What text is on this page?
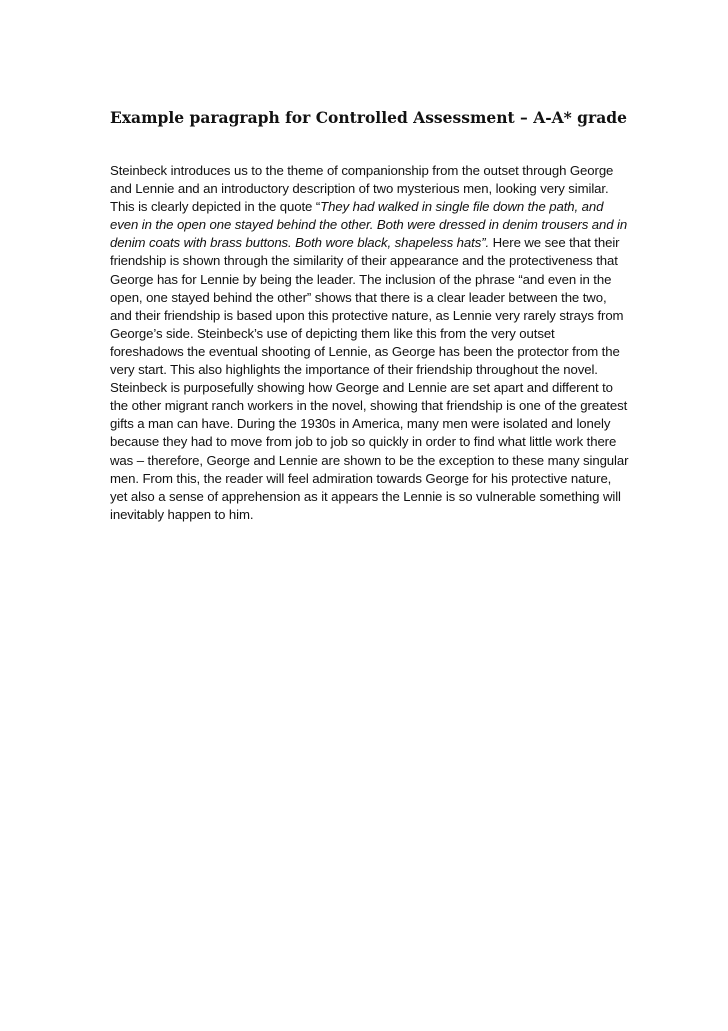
Example paragraph for Controlled Assessment – A-A* grade

Steinbeck introduces us to the theme of companionship from the outset through George and Lennie and an introductory description of two mysterious men, looking very similar. This is clearly depicted in the quote “They had walked in single file down the path, and even in the open one stayed behind the other. Both were dressed in denim trousers and in denim coats with brass buttons. Both wore black, shapeless hats”. Here we see that their friendship is shown through the similarity of their appearance and the protectiveness that George has for Lennie by being the leader. The inclusion of the phrase “and even in the open, one stayed behind the other” shows that there is a clear leader between the two, and their friendship is based upon this protective nature, as Lennie very rarely strays from George’s side. Steinbeck’s use of depicting them like this from the very outset foreshadows the eventual shooting of Lennie, as George has been the protector from the very start. This also highlights the importance of their friendship throughout the novel. Steinbeck is purposefully showing how George and Lennie are set apart and different to the other migrant ranch workers in the novel, showing that friendship is one of the greatest gifts a man can have. During the 1930s in America, many men were isolated and lonely because they had to move from job to job so quickly in order to find what little work there was – therefore, George and Lennie are shown to be the exception to these many singular men. From this, the reader will feel admiration towards George for his protective nature, yet also a sense of apprehension as it appears the Lennie is so vulnerable something will inevitably happen to him.
